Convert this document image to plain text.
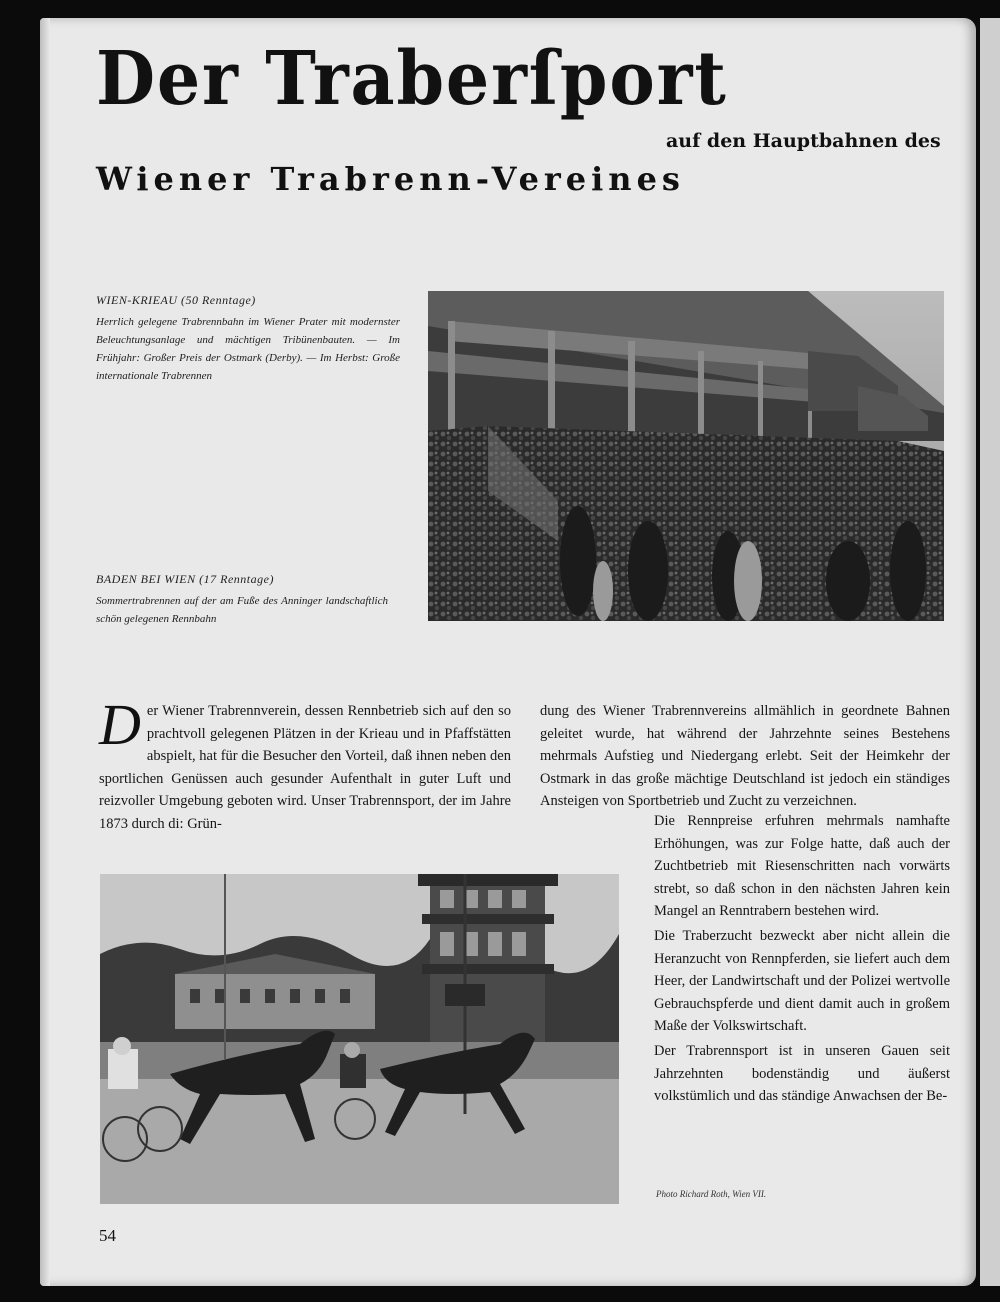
Der Traberſport
auf den Hauptbahnen des
Wiener Trabrenn-Vereines
WIEN-KRIEAU (50 Renntage)
Herrlich gelegene Trabrennbahn im Wiener Prater mit modernster Beleuchtungsanlage und mächtigen Tribünenbauten. — Im Frühjahr: Großer Preis der Ostmark (Derby). — Im Herbst: Große internationale Trabrennen
BADEN BEI WIEN (17 Renntage)
Sommertrabrennen auf der am Fuße des Anninger landschaftlich schön gelegenen Rennbahn
D er Wiener Trabrennverein, dessen Rennbetrieb sich auf den so prachtvoll gelegenen Plätzen in der Krieau und in Pfaffstätten abspielt, hat für die Besucher den Vorteil, daß ihnen neben den sportlichen Genüssen auch gesunder Aufenthalt in guter Luft und reizvoller Umgebung geboten wird. Unser Trabrennsport, der im Jahre 1873 durch di: Grün-
dung des Wiener Trabrennvereins allmählich in geordnete Bahnen geleitet wurde, hat während der Jahrzehnte seines Bestehens mehrmals Aufstieg und Niedergang erlebt. Seit der Heimkehr der Ostmark in das große mächtige Deutschland ist jedoch ein ständiges Ansteigen von Sportbetrieb und Zucht zu verzeichnen.

Die Rennpreise erfuhren mehrmals namhafte Erhöhungen, was zur Folge hatte, daß auch der Zuchtbetrieb mit Riesenschritten nach vorwärts strebt, so daß schon in den nächsten Jahren kein Mangel an Renntrabern bestehen wird.

Die Traberzucht bezweckt aber nicht allein die Heranzucht von Rennpferden, sie liefert auch dem Heer, der Landwirtschaft und der Polizei wertvolle Gebrauchspferde und dient damit auch in großem Maße der Volkswirtschaft.

Der Trabrennsport ist in unseren Gauen seit Jahrzehnten bodenständig und äußerst volkstümlich und das ständige Anwachsen der Be-

Photo Richard Roth, Wien VII.
54
